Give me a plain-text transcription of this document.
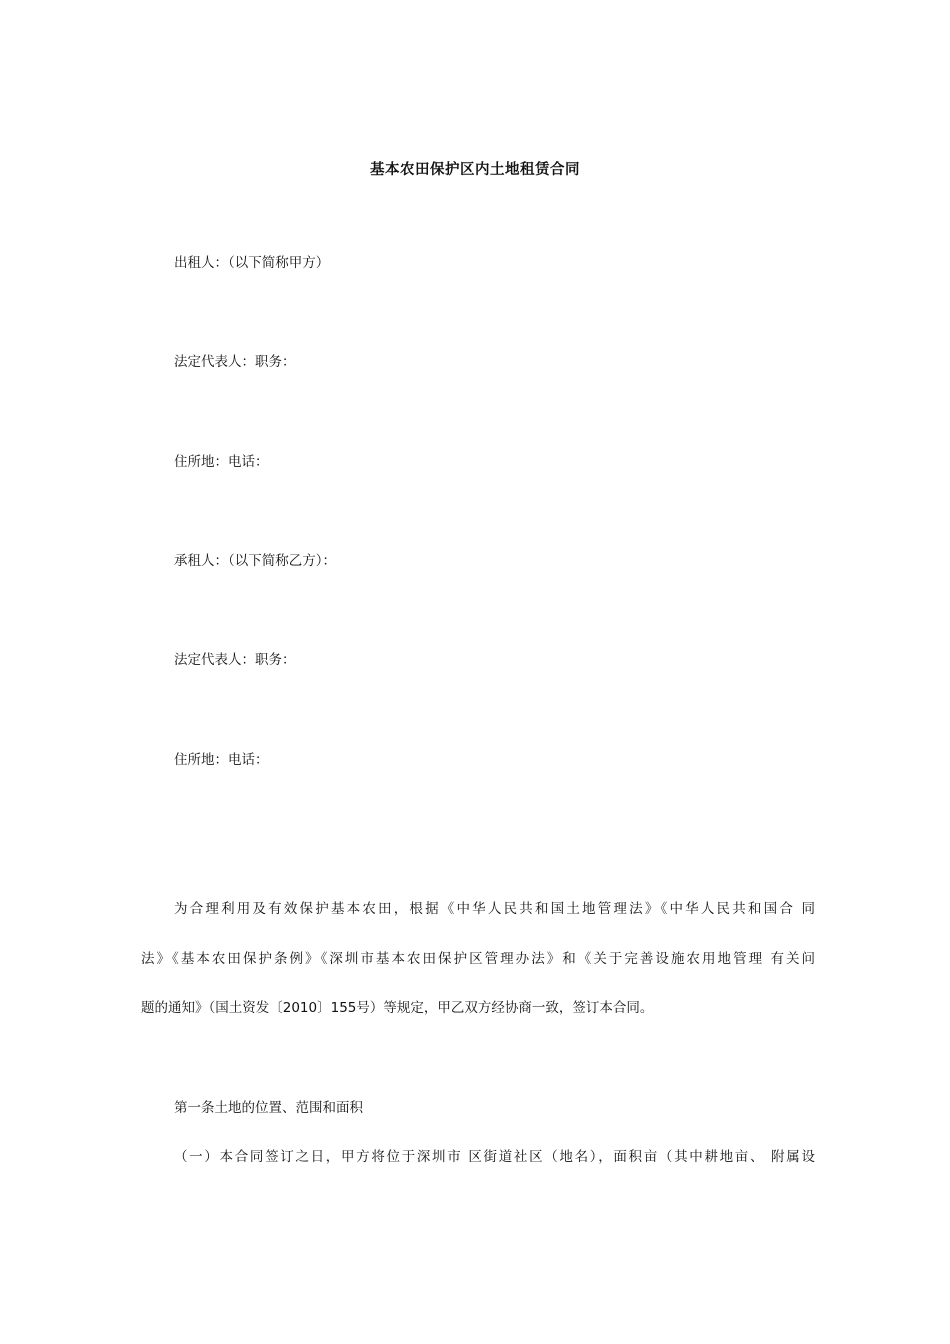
基本农田保护区内土地租赁合同
出租人：（以下简称甲方）
法定代表人：职务：
住所地：电话：
承租人：（以下简称乙方）：
法定代表人：职务：
住所地：电话：
为合理利用及有效保护基本农田，根据《中华人民共和国土地管理法》《中华人民共和国合 同
法》《基本农田保护条例》《深圳市基本农田保护区管理办法》和《关于完善设施农用地管理 有关问
题的通知》（国土资发〔2010〕155号）等规定，甲乙双方经协商一致，签订本合同。
第一条土地的位置、范围和面积
（一）本合同签订之日，甲方将位于深圳市 区街道社区（地名），面积亩（其中耕地亩、 附属设
